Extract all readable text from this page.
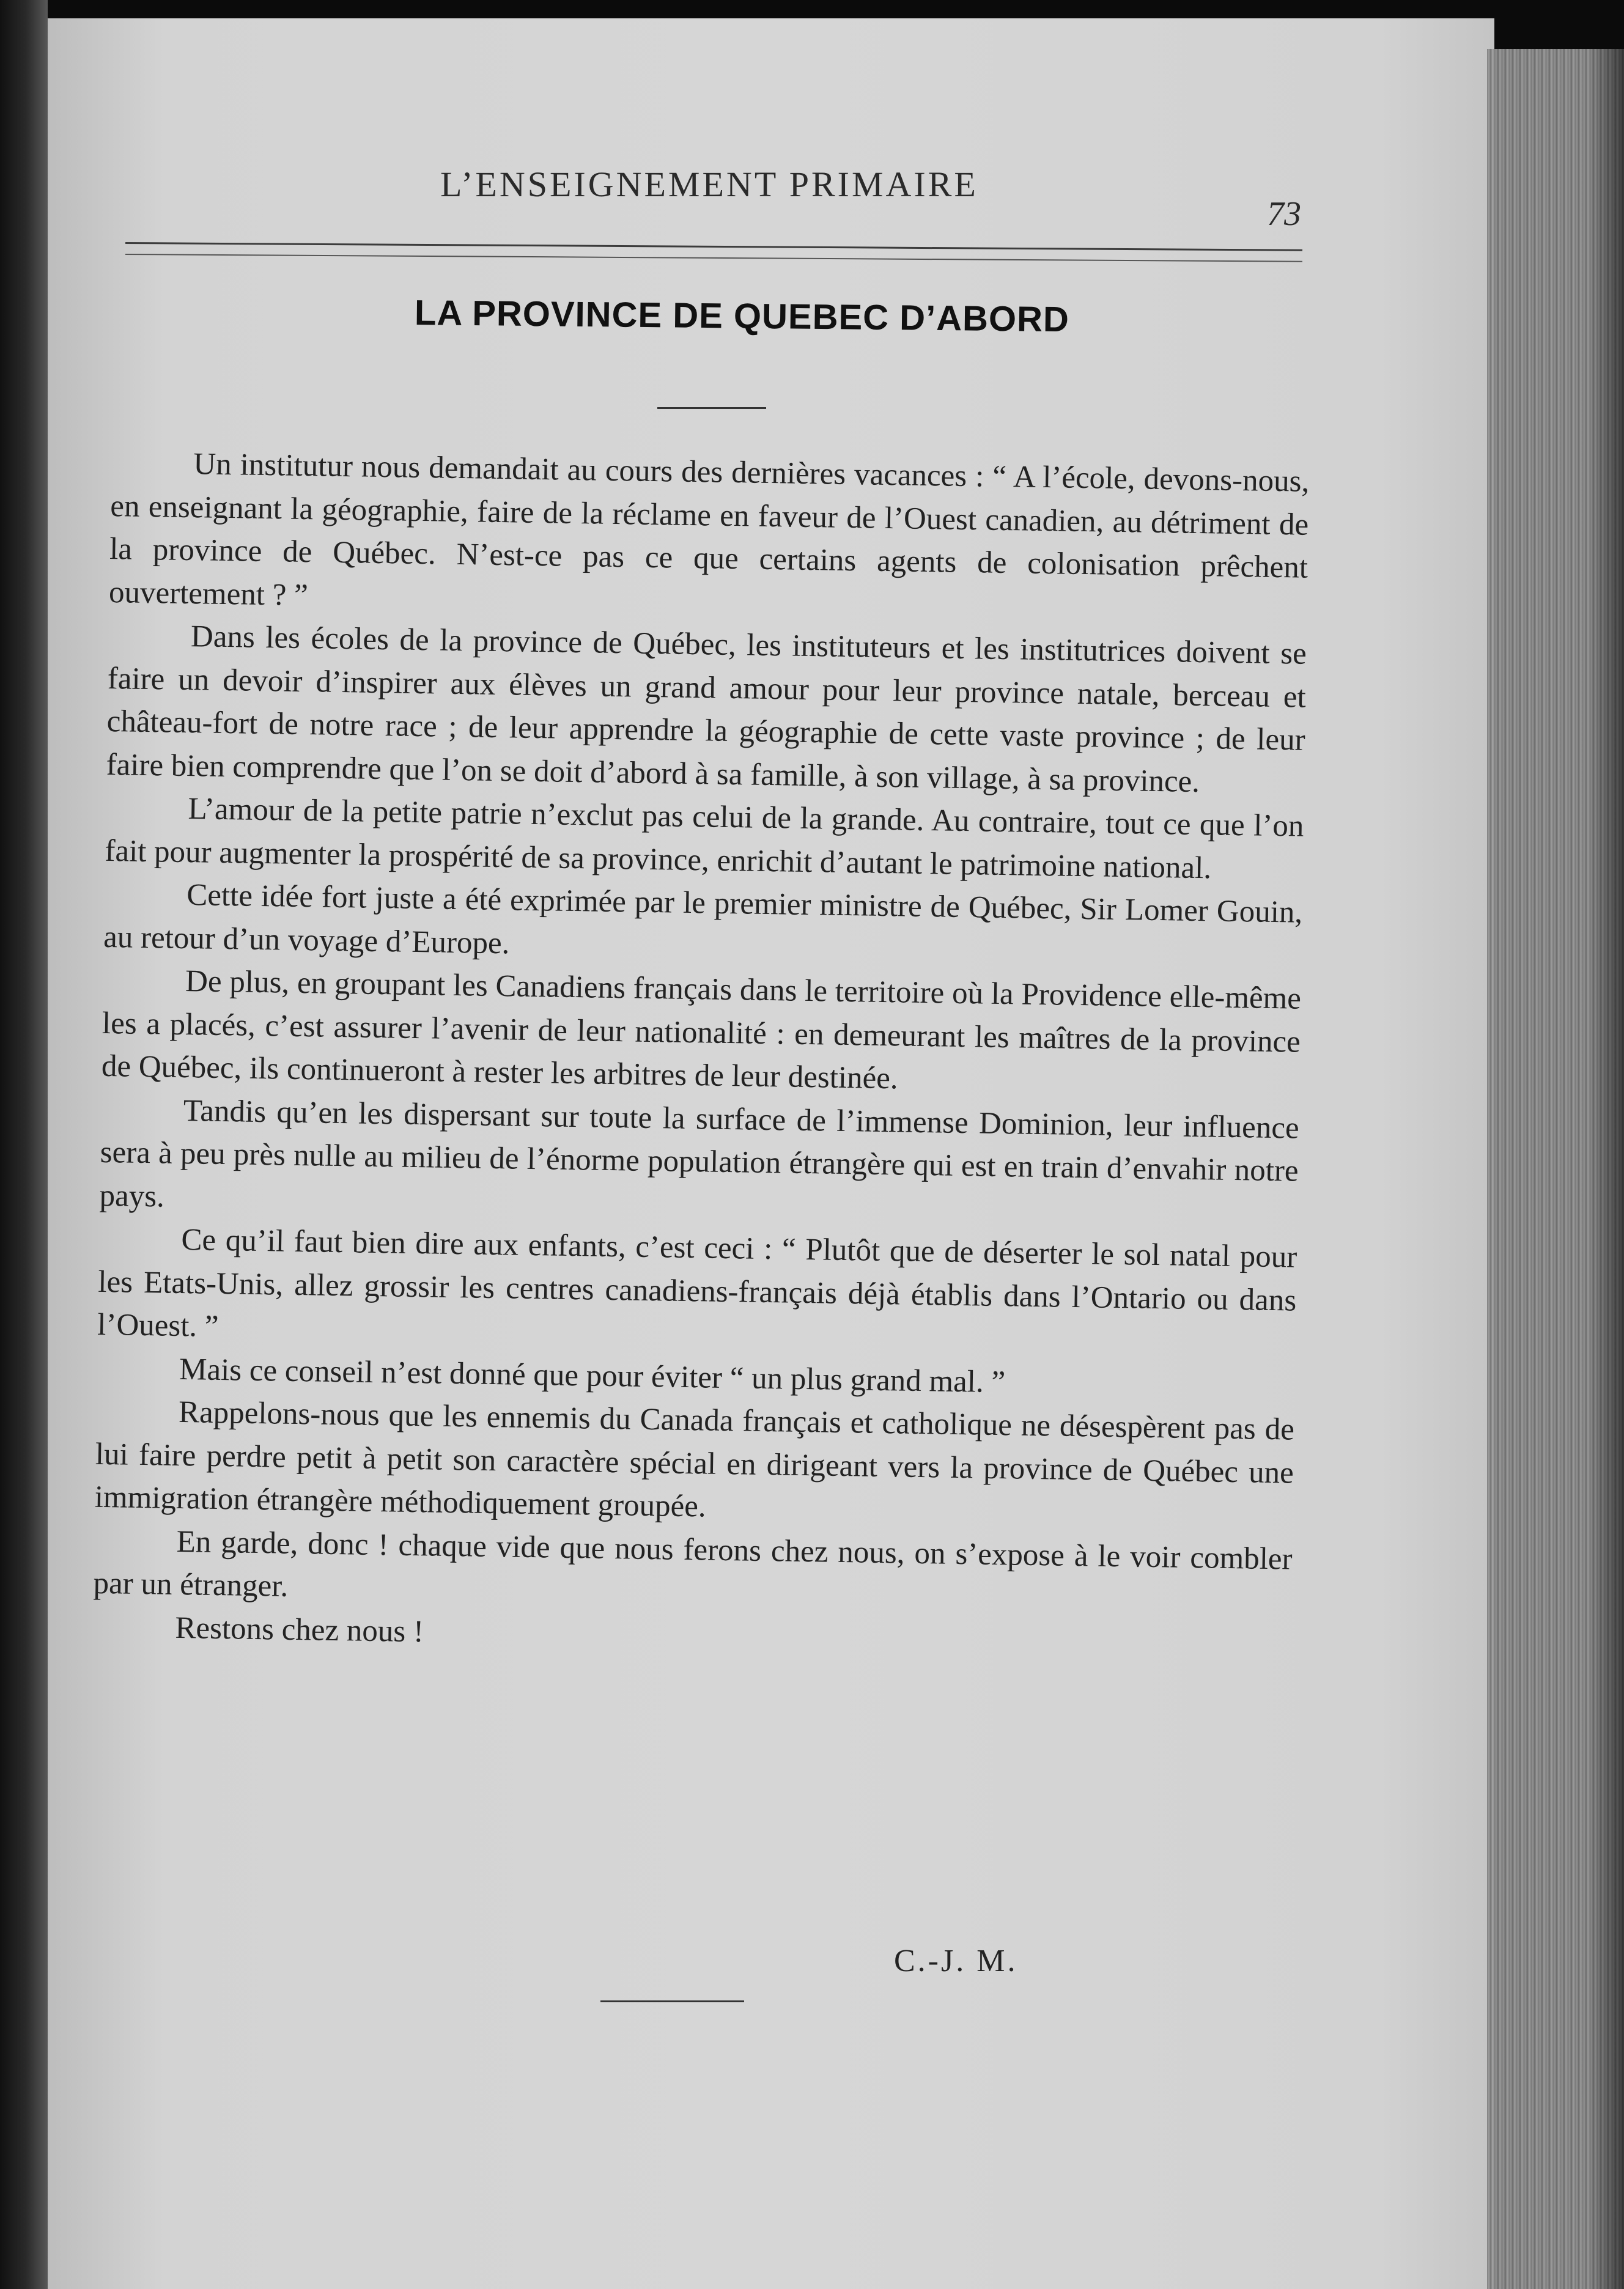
L’ENSEIGNEMENT PRIMAIRE
73
LA PROVINCE DE QUEBEC D’ABORD

Un institutur nous demandait au cours des dernières vacances : “ A l’école, devons-nous, en enseignant la géographie, faire de la réclame en faveur de l’Ouest canadien, au détriment de la province de Québec. N’est-ce pas ce que certains agents de colonisation prêchent ouvertement ? ”

Dans les écoles de la province de Québec, les instituteurs et les institutrices doivent se faire un devoir d’inspirer aux élèves un grand amour pour leur province natale, berceau et château-fort de notre race ; de leur apprendre la géographie de cette vaste province ; de leur faire bien comprendre que l’on se doit d’abord à sa famille, à son village, à sa province.

L’amour de la petite patrie n’exclut pas celui de la grande. Au contraire, tout ce que l’on fait pour augmenter la prospérité de sa province, enrichit d’autant le patrimoine national.

Cette idée fort juste a été exprimée par le premier ministre de Québec, Sir Lomer Gouin, au retour d’un voyage d’Europe.

De plus, en groupant les Canadiens français dans le territoire où la Providence elle-même les a placés, c’est assurer l’avenir de leur nationalité : en demeurant les maîtres de la province de Québec, ils continueront à rester les arbitres de leur destinée.

Tandis qu’en les dispersant sur toute la surface de l’immense Dominion, leur influence sera à peu près nulle au milieu de l’énorme population étrangère qui est en train d’envahir notre pays.

Ce qu’il faut bien dire aux enfants, c’est ceci : “ Plutôt que de déserter le sol natal pour les Etats-Unis, allez grossir les centres canadiens-français déjà établis dans l’Ontario ou dans l’Ouest. ”

Mais ce conseil n’est donné que pour éviter “ un plus grand mal. ”

Rappelons-nous que les ennemis du Canada français et catholique ne désespèrent pas de lui faire perdre petit à petit son caractère spécial en dirigeant vers la province de Québec une immigration étrangère méthodiquement groupée.

En garde, donc ! chaque vide que nous ferons chez nous, on s’expose à le voir combler par un étranger.

Restons chez nous !

C.-J. M.
